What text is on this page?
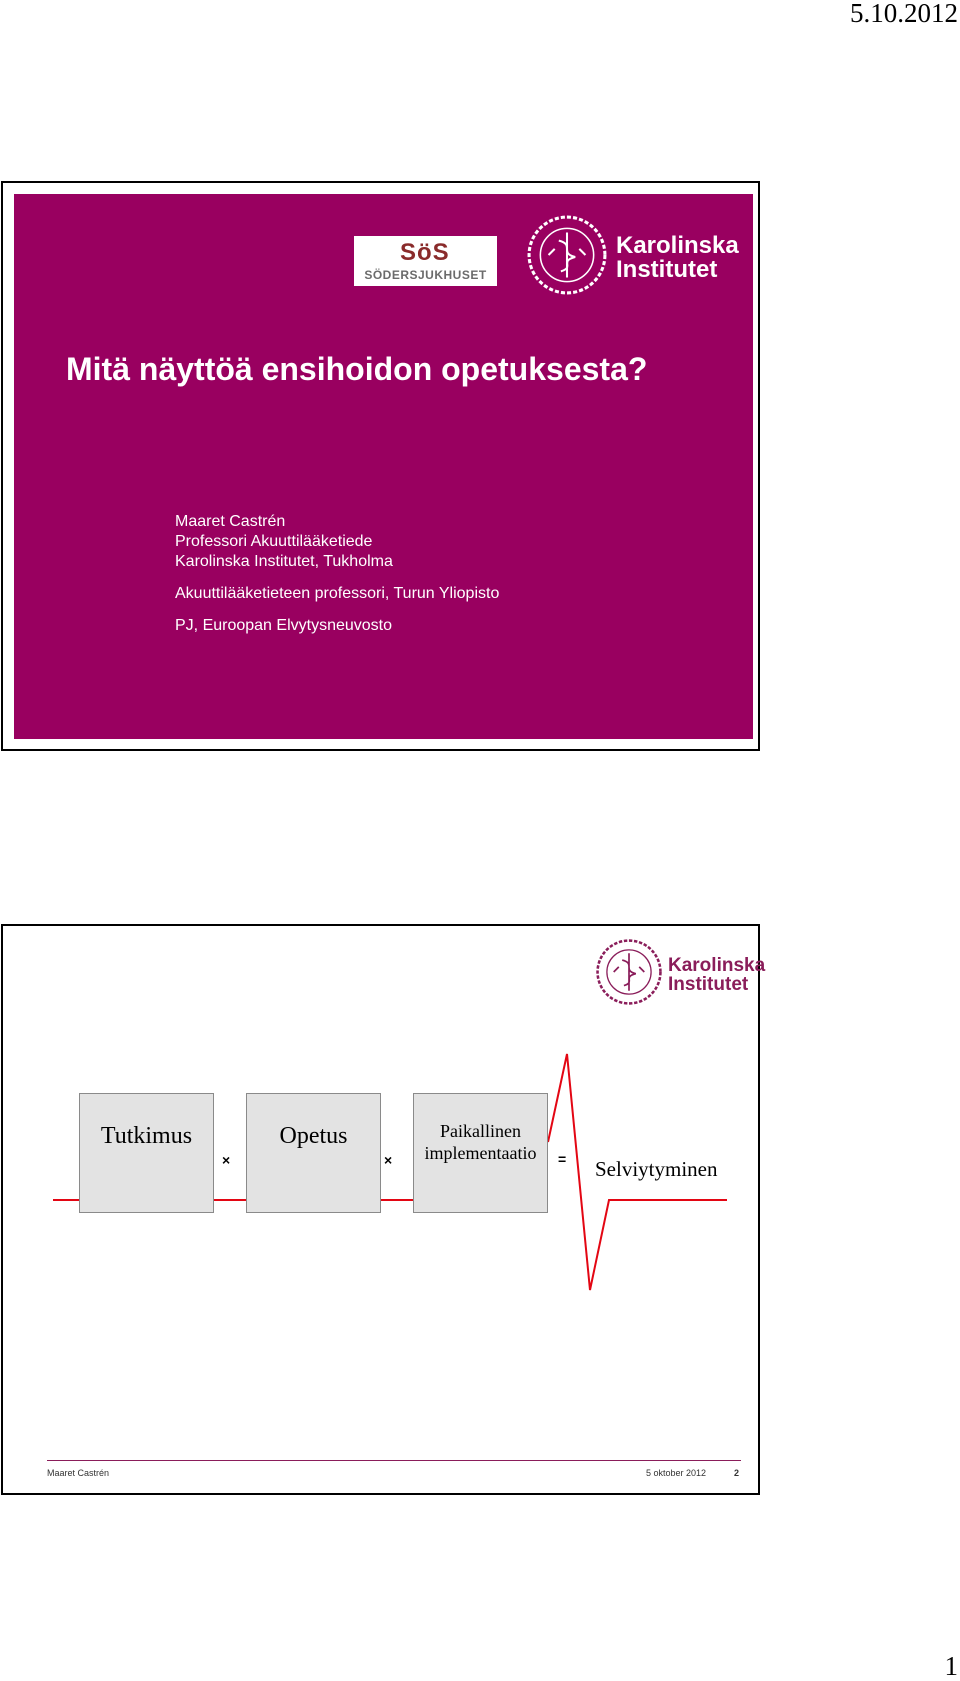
5.10.2012
SöS
SÖDERSJUKHUSET
Karolinska
Institutet
Mitä näyttöä ensihoidon opetuksesta?
Maaret Castrén
Professori Akuuttilääketiede
Karolinska Institutet, Tukholma
Akuuttilääketieteen professori, Turun Yliopisto
PJ, Euroopan Elvytysneuvosto
Karolinska
Institutet
Tutkimus
×
Opetus
×
Paikallinen
implementaatio	= Selviytyminen
Maaret Castrén	5 oktober 2012	2
1
